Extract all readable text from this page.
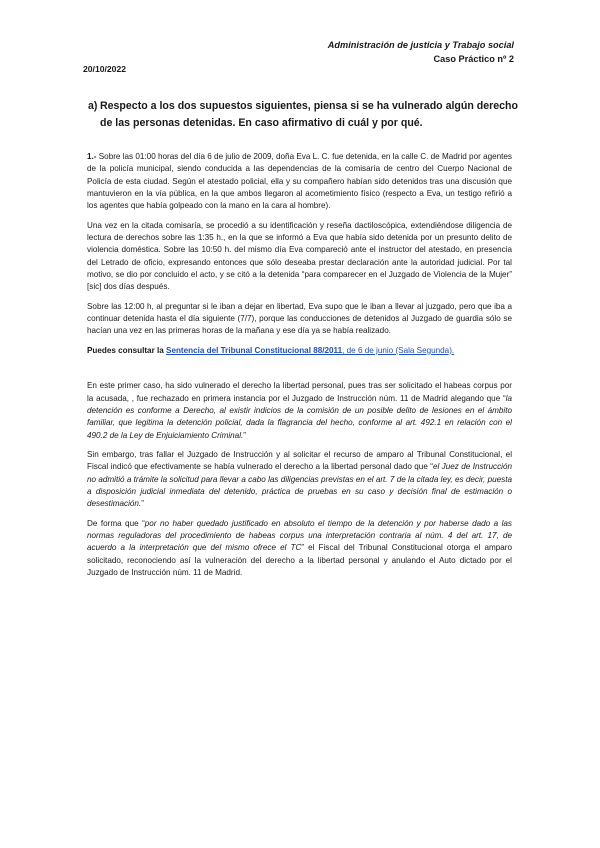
Administración de justicia y Trabajo social
Caso Práctico nº 2
20/10/2022
a) Respecto a los dos supuestos siguientes, piensa si se ha vulnerado algún derecho de las personas detenidas. En caso afirmativo di cuál y por qué.

1.- Sobre las 01:00 horas del día 6 de julio de 2009, doña Eva L. C. fue detenida, en la calle C. de Madrid por agentes de la policía municipal, siendo conducida a las dependencias de la comisaría de centro del Cuerpo Nacional de Policía de esta ciudad. Según el atestado policial, ella y su compañero habían sido detenidos tras una discusión que mantuvieron en la vía pública, en la que ambos llegaron al acometimiento físico (respecto a Eva, un testigo refirió a los agentes que había golpeado con la mano en la cara al hombre).

Una vez en la citada comisaría, se procedió a su identificación y reseña dactiloscópica, extendiéndose diligencia de lectura de derechos sobre las 1:35 h., en la que se informó a Eva que había sido detenida por un presunto delito de violencia doméstica. Sobre las 10:50 h. del mismo día Eva compareció ante el instructor del atestado, en presencia del Letrado de oficio, expresando entonces que sólo deseaba prestar declaración ante la autoridad judicial. Por tal motivo, se dio por concluido el acto, y se citó a la detenida “para comparecer en el Juzgado de Violencia de la Mujer” [sic] dos días después.

Sobre las 12:00 h, al preguntar si le iban a dejar en libertad, Eva supo que le iban a llevar al juzgado, pero que iba a continuar detenida hasta el día siguiente (7/7), porque las conducciones de detenidos al Juzgado de guardia sólo se hacían una vez en las primeras horas de la mañana y ese día ya se había realizado.

Puedes consultar la Sentencia del Tribunal Constitucional 88/2011, de 6 de junio (Sala Segunda).

En este primer caso, ha sido vulnerado el derecho la libertad personal, pues tras ser solicitado el habeas corpus por la acusada, , fue rechazado en primera instancia por el Juzgado de Instrucción núm. 11 de Madrid alegando que “la detención es conforme a Derecho, al existir indicios de la comisión de un posible delito de lesiones en el ámbito familiar, que legitima la detención policial, dada la flagrancia del hecho, conforme al art. 492.1 en relación con el 490.2 de la Ley de Enjuiciamiento Criminal.”

Sin embargo, tras fallar el Juzgado de Instrucción y al solicitar el recurso de amparo al Tribunal Constitucional, el Fiscal indicó que efectivamente se había vulnerado el derecho a la libertad personal dado que “el Juez de Instrucción no admitió a trámite la solicitud para llevar a cabo las diligencias previstas en el art. 7 de la citada ley, es decir, puesta a disposición judicial inmediata del detenido, práctica de pruebas en su caso y decisión final de estimación o desestimación.”

De forma que “por no haber quedado justificado en absoluto el tiempo de la detención y por haberse dado a las normas reguladoras del procedimiento de habeas corpus una interpretación contraria al núm. 4 del art. 17, de acuerdo a la interpretación que del mismo ofrece el TC” el Fiscal del Tribunal Constitucional otorga el amparo solicitado, reconociendo así la vulneración del derecho a la libertad personal y anulando el Auto dictado por el Juzgado de Instrucción núm. 11 de Madrid.
